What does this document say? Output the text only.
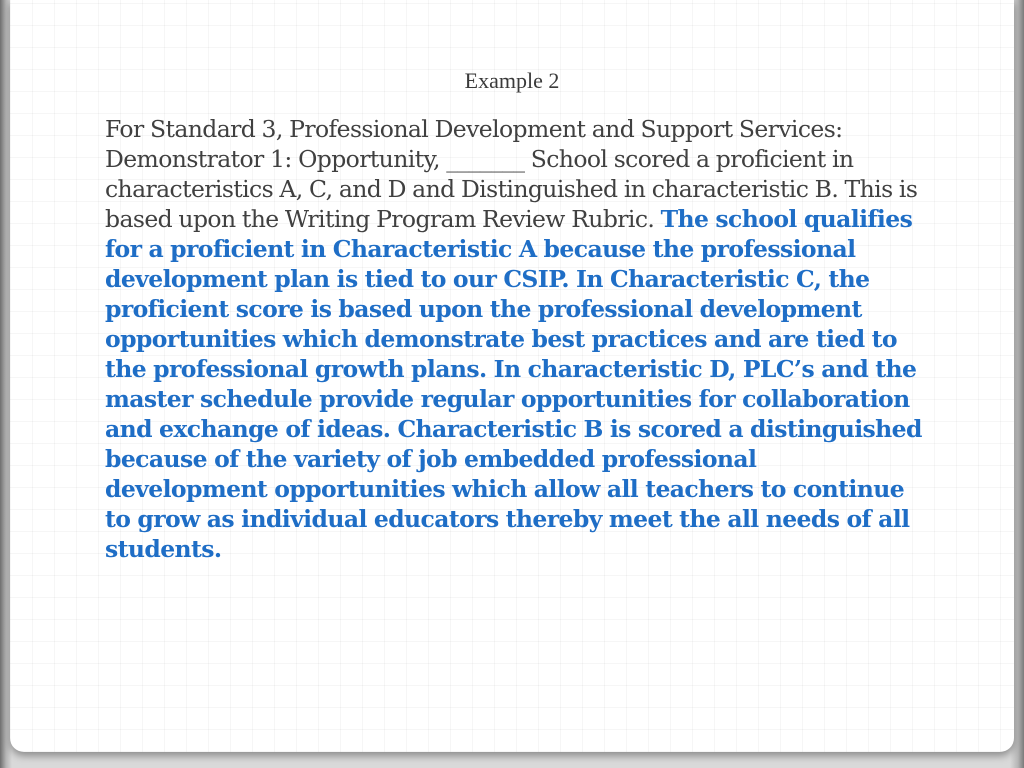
Example 2
For Standard 3, Professional Development and Support Services: Demonstrator 1: Opportunity, _______ School scored a proficient in characteristics A, C, and D and Distinguished in characteristic B. This is based upon the Writing Program Review Rubric. The school qualifies for a proficient in Characteristic A because the professional development plan is tied to our CSIP. In Characteristic C, the proficient score is based upon the professional development opportunities which demonstrate best practices and are tied to the professional growth plans. In characteristic D, PLC’s and the master schedule provide regular opportunities for collaboration and exchange of ideas. Characteristic B is scored a distinguished because of the variety of job embedded professional development opportunities which allow all teachers to continue to grow as individual educators thereby meet the all needs of all students.
